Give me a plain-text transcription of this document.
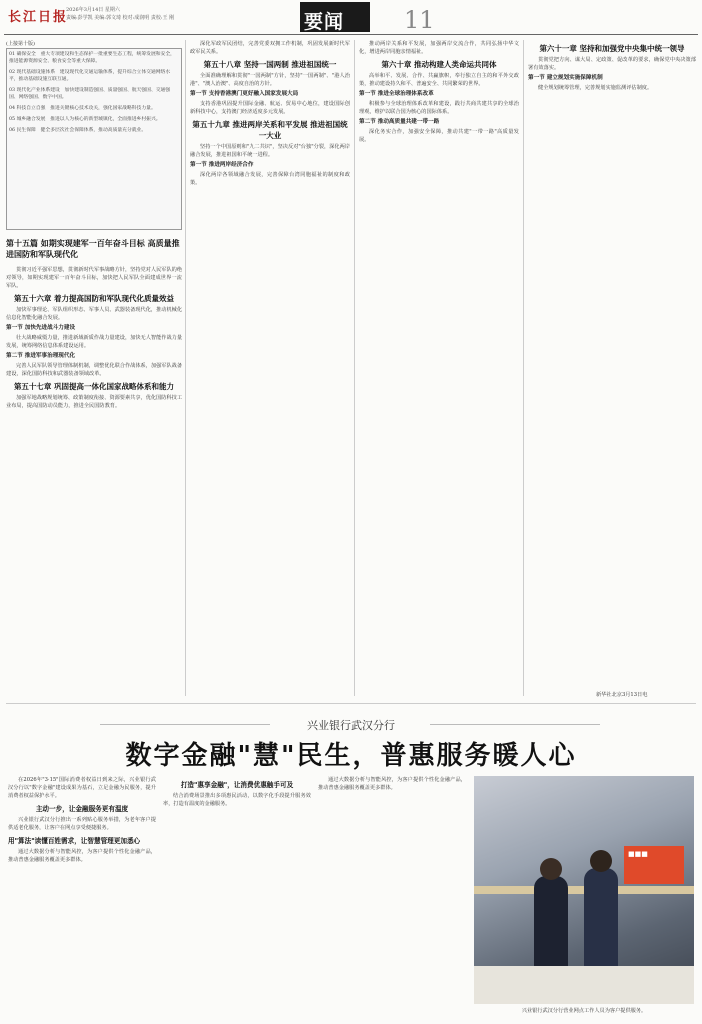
长江日报
2026年3月14日 星期六
责编:彭学凯 美编:郭文琦 校对:成润明 责校:王 刚	要闻 11
(上接第十版)
01 确保安全　重大专项建设和生态保护一批重要生态工程，统筹发展和安全，推进能源资源安全、粮食安全等重大保障。
02 现代基础设施体系　建设现代化交通运输体系，提升综合立体交通网络水平，推动基础设施互联互通。
03 现代化产业体系建设　加快建设制造强国、质量强国、航天强国、交通强国、网络强国、数字中国。
04 科技自立自强　推进关键核心技术攻关，强化国家战略科技力量。
05 城乡融合发展　推进以人为核心的新型城镇化，全面推进乡村振兴。
06 民生保障　健全多层次社会保障体系，推动高质量充分就业。
第十五篇 如期实现建军一百年奋斗目标 高质量推进国防和军队现代化

贯彻习近平强军思想，贯彻新时代军事战略方针，坚持党对人民军队的绝对领导，如期实现建军一百年奋斗目标，加快把人民军队全面建成世界一流军队。

第五十六章 着力提高国防和军队现代化质量效益

加快军事理论、军队组织形态、军事人员、武器装备现代化，推动机械化信息化智能化融合发展。

第一节 加快先进战斗力建设

壮大战略威慑力量，推进新域新质作战力量建设，加快无人智能作战力量发展，统筹网络信息体系建设运用。

第二节 推进军事治理现代化

完善人民军队领导管理体制机制，调整优化联合作战体系，加强军队战备建设，深化国防科技和武器装备领域改革。

第五十七章 巩固提高一体化国家战略体系和能力

加强军地战略规划统筹、政策制度衔接、资源要素共享，优化国防科技工业布局，提高国防动员能力，推进全民国防教育。

深化军政军民团结，完善党委双拥工作机制，巩固发展新时代军政军民关系。

第五十八章 坚持一国两制 推进祖国统一

全面准确理解和贯彻"一国两制"方针，坚持"一国两制"、"港人治港"、"澳人治澳"、高度自治的方针。

第一节 支持香港澳门更好融入国家发展大局

支持香港巩固提升国际金融、航运、贸易中心地位，建设国际创新科技中心，支持澳门经济适度多元发展。

第五十九章 推进两岸关系和平发展 推进祖国统一大业

坚持一个中国原则和"九二共识"，坚决反对"台独"分裂，深化两岸融合发展，推进祖国和平统一进程。

第一节 推进两岸经济合作

深化两岸各领域融合发展，完善保障台湾同胞福祉的制度和政策。

推动两岸关系和平发展，加强两岸交流合作，共同弘扬中华文化，增进两岸同胞亲情福祉。

第六十章 推动构建人类命运共同体

高举和平、发展、合作、共赢旗帜，奉行独立自主的和平外交政策，推动建设持久和平、普遍安全、共同繁荣的世界。

第一节 推进全球治理体系改革

积极参与全球治理体系改革和建设，践行共商共建共享的全球治理观，维护以联合国为核心的国际体系。

第二节 推动高质量共建一带一路

深化务实合作，加强安全保障，推动共建"一带一路"高质量发展。

第六十一章 坚持和加强党中央集中统一领导

贯彻党把方向、谋大局、定政策、促改革的要求，确保党中央决策部署有效落实。

第一节 建立规划实施保障机制

健全规划统筹管理，完善规划实施监测评估制度。

新华社北京3月13日电
兴业银行武汉分行
数字金融"慧"民生，普惠服务暖人心

在2026年"3·15"国际消费者权益日到来之际，兴业银行武汉分行以"数字金融"建设成果为基石，立足金融为民服务，提升消费者权益保护水平。

主动一步，让金融服务更有温度

兴业银行武汉分行推出一系列贴心服务举措，为老年客户提供适老化服务，让客户在网点享受便捷服务。

用"算法"读懂百姓需求，让智慧管理更加悉心

通过大数据分析与智能风控，为客户提供个性化金融产品，推动普惠金融服务覆盖更多群体。

打造"惠享金融"，让消费优惠触手可及

结合消费场景推出多项惠民活动，以数字化手段提升服务效率，打造有温度的金融服务。

通过大数据分析与智能风控，为客户提供个性化金融产品，推动普惠金融服务覆盖更多群体。

■■■
兴业银行武汉分行营业网点工作人员为客户提供服务。
